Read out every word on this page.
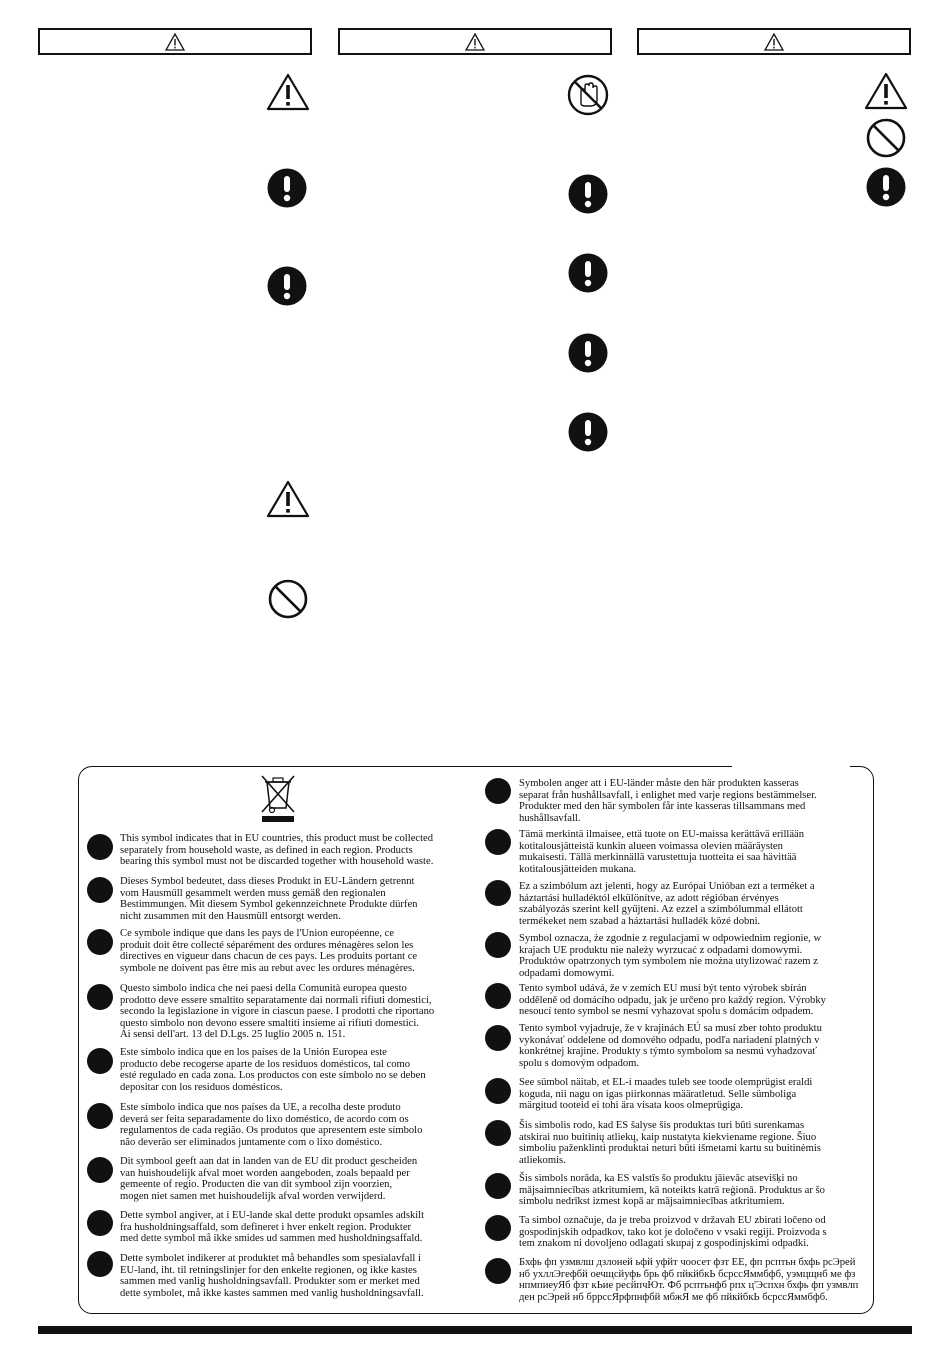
This symbol indicates that in EU countries, this product must be collected
separately from household waste, as defined in each region. Products
bearing this symbol must not be discarded together with household waste.
Dieses Symbol bedeutet, dass dieses Produkt in EU-Ländern getrennt
vom Hausmüll gesammelt werden muss gemäß den regionalen
Bestimmungen. Mit diesem Symbol gekennzeichnete Produkte dürfen
nicht zusammen mit den Hausmüll entsorgt werden.
Ce symbole indique que dans les pays de l'Union européenne, ce
produit doit être collecté séparément des ordures ménagères selon les
directives en vigueur dans chacun de ces pays. Les produits portant ce
symbole ne doivent pas être mis au rebut avec les ordures ménagères.
Questo simbolo indica che nei paesi della Comunità europea questo
prodotto deve essere smaltito separatamente dai normali rifiuti domestici,
secondo la legislazione in vigore in ciascun paese. I prodotti che riportano
questo simbolo non devono essere smaltiti insieme ai rifiuti domestici.
Ai sensi dell'art. 13 del D.Lgs. 25 luglio 2005 n. 151.
Este símbolo indica que en los países de la Unión Europea este
producto debe recogerse aparte de los residuos domésticos, tal como
esté regulado en cada zona. Los productos con este símbolo no se deben
depositar con los residuos domésticos.
Este símbolo indica que nos países da UE, a recolha deste produto
deverá ser feita separadamente do lixo doméstico, de acordo com os
regulamentos de cada região. Os produtos que apresentem este símbolo
não deverão ser eliminados juntamente com o lixo doméstico.
Dit symbool geeft aan dat in landen van de EU dit product gescheiden
van huishoudelijk afval moet worden aangeboden, zoals bepaald per
gemeente of regio. Producten die van dit symbool zijn voorzien,
mogen niet samen met huishoudelijk afval worden verwijderd.
Dette symbol angiver, at i EU-lande skal dette produkt opsamles adskilt
fra husholdningsaffald, som defineret i hver enkelt region. Produkter
med dette symbol må ikke smides ud sammen med husholdningsaffald.
Dette symbolet indikerer at produktet må behandles som spesialavfall i
EU-land, iht. til retningslinjer for den enkelte regionen, og ikke kastes
sammen med vanlig husholdningsavfall. Produkter som er merket med
dette symbolet, må ikke kastes sammen med vanlig husholdningsavfall.
Symbolen anger att i EU-länder måste den här produkten kasseras
separat från hushållsavfall, i enlighet med varje regions bestämmelser.
Produkter med den här symbolen får inte kasseras tillsammans med
hushållsavfall.
Tämä merkintä ilmaisee, että tuote on EU-maissa kerättävä erillään
kotitalousjätteistä kunkin alueen voimassa olevien määräysten
mukaisesti. Tällä merkinnällä varustettuja tuotteita ei saa hävittää
kotitalousjätteiden mukana.
Ez a szimbólum azt jelenti, hogy az Európai Unióban ezt a terméket a
háztartási hulladéktól elkülönítve, az adott régióban érvényes
szabályozás szerint kell gyűjteni. Az ezzel a szimbólummal ellátott
termékeket nem szabad a háztartási hulladék közé dobni.
Symbol oznacza, że zgodnie z regulacjami w odpowiednim regionie, w
krajach UE produktu nie należy wyrzucać z odpadami domowymi.
Produktów opatrzonych tym symbolem nie można utylizować razem z
odpadami domowymi.
Tento symbol udává, že v zemích EU musí být tento výrobek sbírán
odděleně od domácího odpadu, jak je určeno pro každý region. Výrobky
nesoucí tento symbol se nesmí vyhazovat spolu s domácím odpadem.
Tento symbol vyjadruje, že v krajinách EÚ sa musí zber tohto produktu
vykonávať oddelene od domového odpadu, podľa nariadení platných v
konkrétnej krajine. Produkty s týmto symbolom sa nesmú vyhadzovať
spolu s domovým odpadom.
See sümbol näitab, et EL-i maades tuleb see toode olemprügist eraldi
koguda, nii nagu on igas piirkonnas määratletud. Selle sümboliga
märgitud tooteid ei tohi ära visata koos olmeprügiga.
Šis simbolis rodo, kad ES šalyse šis produktas turi būti surenkamas
atskirai nuo buitinių atliekų, kaip nustatyta kiekviename regione. Šiuo
simboliu paženklinti produktai neturi būti išmetami kartu su buitinėmis
atliekomis.
Šis simbols norāda, ka ES valstīs šo produktu jāievāc atsevišķi no
mājsaimniecības atkritumiem, kā noteikts katrā reģionā. Produktus ar šo
simbolu nedrīkst izmest kopā ar mājsaimniecības atkritumiem.
Ta simbol označuje, da je treba proizvod v državah EU zbirati ločeno od
gospodinjskih odpadkov, tako kot je določeno v vsaki regiji. Proizvoda s
tem znakom ni dovoljeno odlagati skupaj z gospodinjskimi odpadki.
Бхфь фп узмвлш дзлоней ьфй уфйт чоосет фзт ЕЕ, фп рсптьн бхфь рсЭрей
нб ухллЭгефбй оечщсйуфь брь фб пйкйбкЬ бсрссЯммбфб, уэмцщнб ме фз
нпмпиеуЯб фзт кЬие ресйпчЮт. Фб рсптьнфб рпх ц'Эспхн бхфь фп узмвлп
ден рсЭрей нб бррссЯрфпнфбй мбжЯ ме фб пйкйбкЬ бсрссЯммбфб.
